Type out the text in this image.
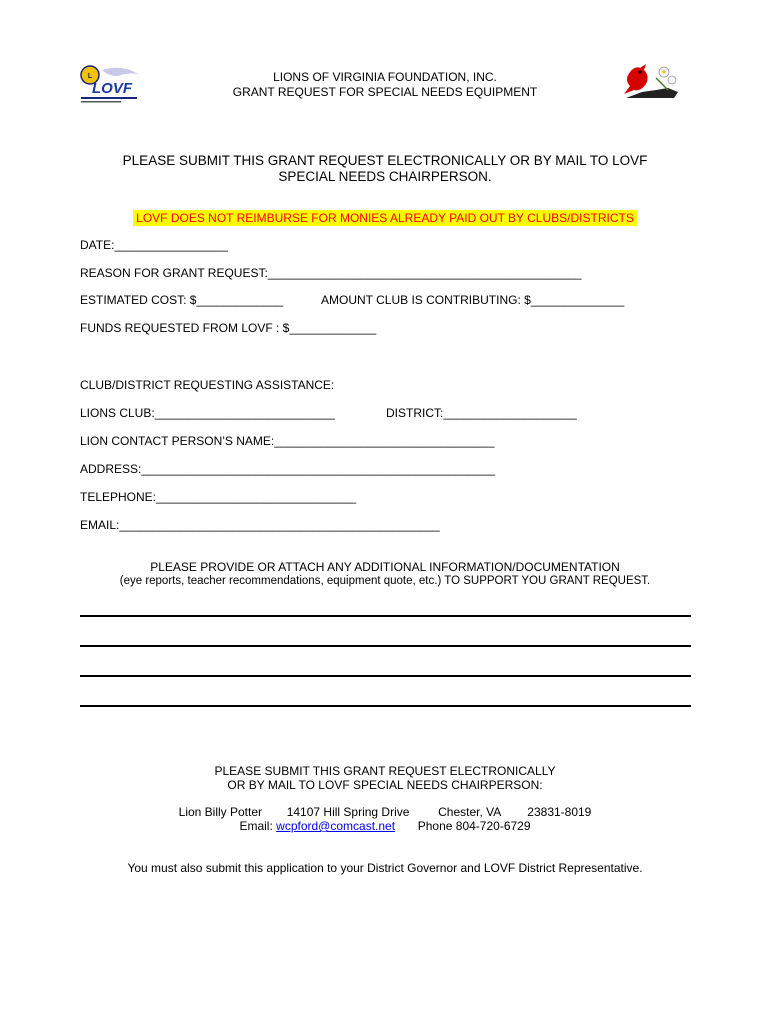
L
LOVF
LIONS OF VIRGINIA FOUNDATION, INC.
GRANT REQUEST FOR SPECIAL NEEDS EQUIPMENT
PLEASE SUBMIT THIS GRANT REQUEST ELECTRONICALLY OR BY MAIL TO LOVF
SPECIAL NEEDS CHAIRPERSON.
LOVF DOES NOT REIMBURSE FOR MONIES ALREADY PAID OUT BY CLUBS/DISTRICTS
DATE:_________________
REASON FOR GRANT REQUEST:_______________________________________________
ESTIMATED COST: $_____________	AMOUNT CLUB IS CONTRIBUTING: $______________
FUNDS REQUESTED FROM LOVF : $_____________
CLUB/DISTRICT REQUESTING ASSISTANCE:
LIONS CLUB:___________________________	DISTRICT:____________________
LION CONTACT PERSON’S NAME:_________________________________
ADDRESS:_____________________________________________________
TELEPHONE:______________________________
EMAIL:________________________________________________
PLEASE PROVIDE OR ATTACH ANY ADDITIONAL INFORMATION/DOCUMENTATION
(eye reports, teacher recommendations, equipment quote, etc.) TO SUPPORT YOU GRANT REQUEST.
PLEASE SUBMIT THIS GRANT REQUEST ELECTRONICALLY
OR BY MAIL TO LOVF SPECIAL NEEDS CHAIRPERSON:
Lion Billy Potter 14107 Hill Spring Drive Chester, VA 23831-8019
Email: wcpford@comcast.net Phone 804-720-6729
You must also submit this application to your District Governor and LOVF District Representative.
